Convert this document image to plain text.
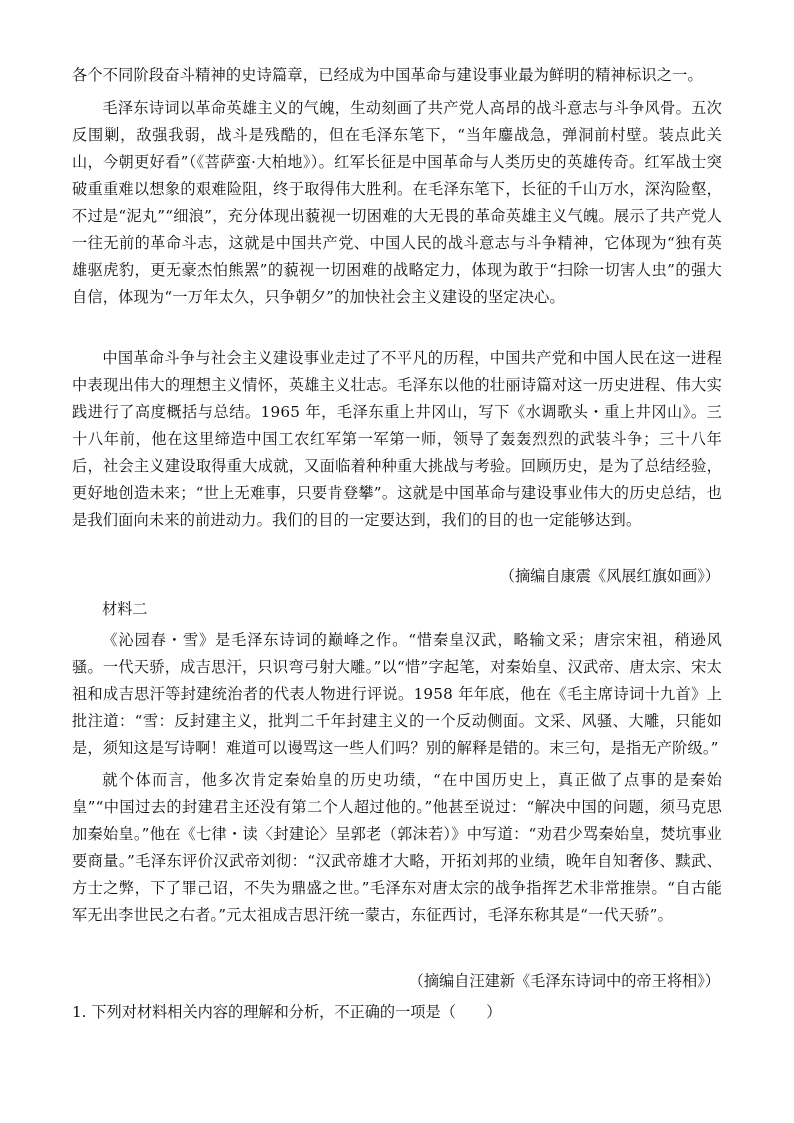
各个不同阶段奋斗精神的史诗篇章，已经成为中国革命与建设事业最为鲜明的精神标识之一。

毛泽东诗词以革命英雄主义的气魄，生动刻画了共产党人高昂的战斗意志与斗争风骨。五次反围剿，敌强我弱，战斗是残酷的，但在毛泽东笔下，“当年鏖战急，弹洞前村壁。装点此关山，今朝更好看”（《菩萨蛮·大柏地》）。红军长征是中国革命与人类历史的英雄传奇。红军战士突破重重难以想象的艰难险阻，终于取得伟大胜利。在毛泽东笔下，长征的千山万水，深沟险壑，不过是“泥丸”“细浪”，充分体现出藐视一切困难的大无畏的革命英雄主义气魄。展示了共产党人一往无前的革命斗志，这就是中国共产党、中国人民的战斗意志与斗争精神，它体现为“独有英雄驱虎豹，更无豪杰怕熊罴”的藐视一切困难的战略定力，体现为敢于“扫除一切害人虫”的强大自信，体现为“一万年太久，只争朝夕”的加快社会主义建设的坚定决心。

中国革命斗争与社会主义建设事业走过了不平凡的历程，中国共产党和中国人民在这一进程中表现出伟大的理想主义情怀，英雄主义壮志。毛泽东以他的壮丽诗篇对这一历史进程、伟大实践进行了高度概括与总结。1965 年，毛泽东重上井冈山，写下《水调歌头・重上井冈山》。三十八年前，他在这里缔造中国工农红军第一军第一师，领导了轰轰烈烈的武装斗争；三十八年后，社会主义建设取得重大成就，又面临着种种重大挑战与考验。回顾历史，是为了总结经验，更好地创造未来；“世上无难事，只要肯登攀”。这就是中国革命与建设事业伟大的历史总结，也是我们面向未来的前进动力。我们的目的一定要达到，我们的目的也一定能够达到。

（摘编自康震《风展红旗如画》）

材料二

《沁园春・雪》是毛泽东诗词的巅峰之作。“惜秦皇汉武，略输文采；唐宗宋祖，稍逊风骚。一代天骄，成吉思汗，只识弯弓射大雕。”以“惜”字起笔，对秦始皇、汉武帝、唐太宗、宋太祖和成吉思汗等封建统治者的代表人物进行评说。1958 年年底，他在《毛主席诗词十九首》上批注道：“雪：反封建主义，批判二千年封建主义的一个反动侧面。文采、风骚、大雕，只能如是，须知这是写诗啊！难道可以谩骂这一些人们吗？别的解释是错的。末三句，是指无产阶级。”

就个体而言，他多次肯定秦始皇的历史功绩，“在中国历史上，真正做了点事的是秦始皇”“中国过去的封建君主还没有第二个人超过他的。”他甚至说过：“解决中国的问题，须马克思加秦始皇。”他在《七律・读〈封建论〉呈郭老（郭沫若）》中写道：“劝君少骂秦始皇，焚坑事业要商量。”毛泽东评价汉武帝刘彻：“汉武帝雄才大略，开拓刘邦的业绩，晚年自知奢侈、黩武、方士之弊，下了罪己诏，不失为鼎盛之世。”毛泽东对唐太宗的战争指挥艺术非常推崇。“自古能军无出李世民之右者。”元太祖成吉思汗统一蒙古，东征西讨，毛泽东称其是“一代天骄”。

（摘编自汪建新《毛泽东诗词中的帝王将相》）

1. 下列对材料相关内容的理解和分析，不正确的一项是（　　）
